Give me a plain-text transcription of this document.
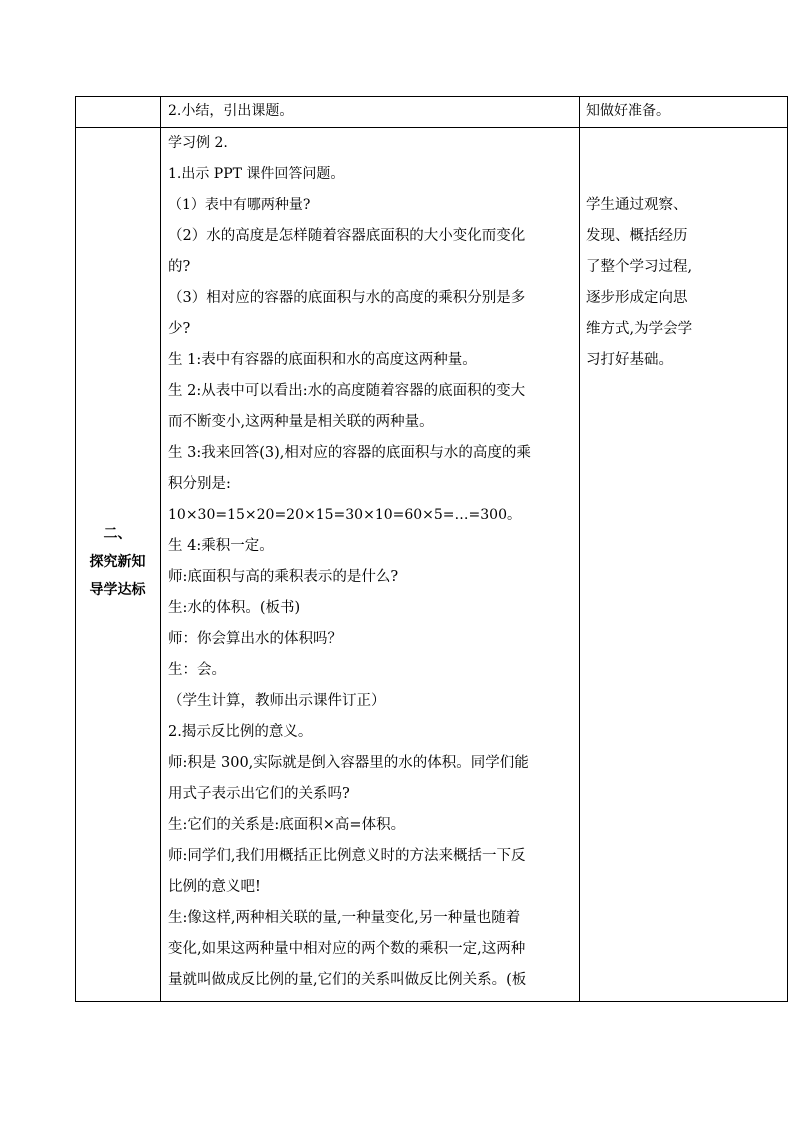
2.小结，引出课题。	知做好准备。
二、
探究新知
导学达标
学习例 2.
1.出示 PPT 课件回答问题。
（1）表中有哪两种量?
（2）水的高度是怎样随着容器底面积的大小变化而变化
的?
（3）相对应的容器的底面积与水的高度的乘积分别是多
少?
生 1:表中有容器的底面积和水的高度这两种量。
生 2:从表中可以看出:水的高度随着容器的底面积的变大
而不断变小,这两种量是相关联的两种量。
生 3:我来回答(3),相对应的容器的底面积与水的高度的乘
积分别是:
10×30=15×20=20×15=30×10=60×5=…=300。
生 4:乘积一定。
师:底面积与高的乘积表示的是什么?
生:水的体积。(板书)
师：你会算出水的体积吗？
生：会。
（学生计算，教师出示课件订正）
2.揭示反比例的意义。
师:积是 300,实际就是倒入容器里的水的体积。同学们能
用式子表示出它们的关系吗?
生:它们的关系是:底面积×高=体积。
师:同学们,我们用概括正比例意义时的方法来概括一下反
比例的意义吧!
生:像这样,两种相关联的量,一种量变化,另一种量也随着
变化,如果这两种量中相对应的两个数的乘积一定,这两种
量就叫做成反比例的量,它们的关系叫做反比例关系。(板
学生通过观察、
发现、概括经历
了整个学习过程,
逐步形成定向思
维方式,为学会学
习打好基础。
